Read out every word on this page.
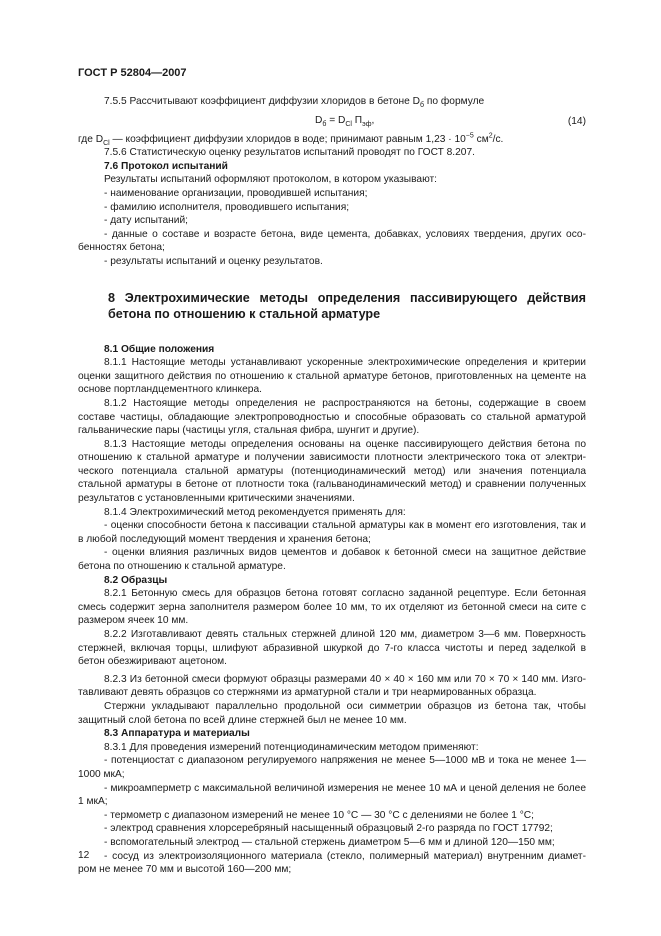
ГОСТ Р 52804—2007

7.5.5 Рассчитывают коэффициент диффузии хлоридов в бетоне $D_б$ по формуле

$D_б = D_{Cl}$ $П_{эф}$,	(14)

где $D_{Cl}$ — коэффициент диффузии хлоридов в воде; принимают равным $1,23 \cdot 10^{-5}$ $см^2/с$.

7.5.6 Статистическую оценку результатов испытаний проводят по ГОСТ 8.207.

7.6 Протокол испытаний

Результаты испытаний оформляют протоколом, в котором указывают:

- наименование организации, проводившей испытания;

- фамилию исполнителя, проводившего испытания;

- дату испытаний;

- данные о составе и возрасте бетона, виде цемента, добавках, условиях твердения, других осо-бенностях бетона;

- результаты испытаний и оценку результатов.

8 Электрохимические методы определения пассивирующего действия бетона по отношению к стальной арматуре

8.1 Общие положения

8.1.1 Настоящие методы устанавливают ускоренные электрохимические определения и критерии оценки защитного действия по отношению к стальной арматуре бетонов, приготовленных на цементе на основе портландцементного клинкера.

8.1.2 Настоящие методы определения не распространяются на бетоны, содержащие в своем составе частицы, обладающие электропроводностью и способные образовать со стальной арматурой гальванические пары (частицы угля, стальная фибра, шунгит и другие).

8.1.3 Настоящие методы определения основаны на оценке пассивирующего действия бетона по отношению к стальной арматуре и получении зависимости плотности электрического тока от электри-ческого потенциала стальной арматуры (потенциодинамический метод) или значения потенциала стальной арматуры в бетоне от плотности тока (гальванодинамический метод) и сравнении полученных результатов с установленными критическими значениями.

8.1.4 Электрохимический метод рекомендуется применять для:

- оценки способности бетона к пассивации стальной арматуры как в момент его изготовления, так и в любой последующий момент твердения и хранения бетона;

- оценки влияния различных видов цементов и добавок к бетонной смеси на защитное действие бетона по отношению к стальной арматуре.

8.2 Образцы

8.2.1 Бетонную смесь для образцов бетона готовят согласно заданной рецептуре. Если бетонная смесь содержит зерна заполнителя размером более 10 мм, то их отделяют из бетонной смеси на сите с размером ячеек 10 мм.

8.2.2 Изготавливают девять стальных стержней длиной 120 мм, диаметром 3—6 мм. Поверхность стержней, включая торцы, шлифуют абразивной шкуркой до 7-го класса чистоты и перед заделкой в бетон обезжиривают ацетоном.

8.2.3 Из бетонной смеси формуют образцы размерами 40 × 40 × 160 мм или 70 × 70 × 140 мм. Изго-тавливают девять образцов со стержнями из арматурной стали и три неармированных образца.

Стержни укладывают параллельно продольной оси симметрии образцов из бетона так, чтобы защитный слой бетона по всей длине стержней был не менее 10 мм.

8.3 Аппаратура и материалы

8.3.1 Для проведения измерений потенциодинамическим методом применяют:

- потенциостат с диапазоном регулируемого напряжения не менее 5—1000 мВ и тока не менее 1—1000 мкА;

- микроамперметр с максимальной величиной измерения не менее 10 мА и ценой деления не более 1 мкА;

- термометр с диапазоном измерений не менее 10 °С — 30 °С с делениями не более 1 °С;

- электрод сравнения хлорсеребряный насыщенный образцовый 2-го разряда по ГОСТ 17792;

- вспомогательный электрод — стальной стержень диаметром 5—6 мм и длиной 120—150 мм;

- сосуд из электроизоляционного материала (стекло, полимерный материал) внутренним диамет-ром не менее 70 мм и высотой 160—200 мм;

12
